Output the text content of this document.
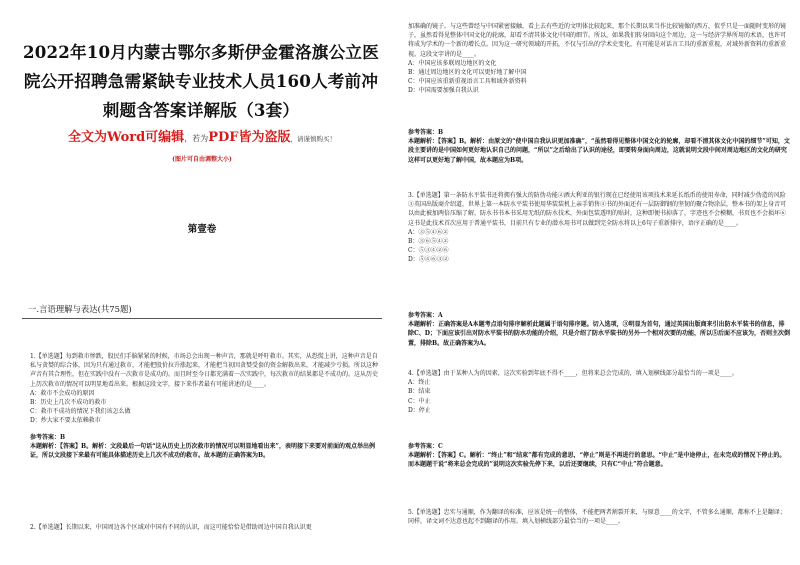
2022年10月内蒙古鄂尔多斯伊金霍洛旗公立医院公开招聘急需紧缺专业技术人员160人考前冲刺题含答案详解版（3套）
全文为Word可编辑，若为PDF皆为盗版，请谨慎购买！
(图片可自由调整大小)
第壹卷
一.言语理解与表达(共75题)

1.【单选题】每到救市惨跌，股民们手脑紧紧的时候，市场总会出现一种声音，那就是呼吁救市。其实，从恐慌上讲，这种声音是自私与贪婪的综合体，因为只有通过救市，才能把股价拉升涨起来，才能把当初因贪婪受套的资金解救出来，才能减少亏损。所以这种声音有其合理性，但在实践中没有一次救市是成功的。而且时至今日都充满着一次实践中，每次救市的结果都是不成功的。这从历史上历次救市的情况可以明显地看出来。根据这段文字，接下来作者最有可能讲述的是____。

A：救市不会成功的原因

B：历史上几次不成功的救市

C：救市不成功的情况下我们该怎么做

D：炒大家不要太依赖救市

参考答案：B

本题解析：【答案】B。解析：文段最后一句话“这从历史上历次救市的情况可以明显地看出来”，表明接下来要对前面的观点举出例证，所以文段接下来最有可能具体描述历史上几次不成功的救市。故本题的正确答案为B。

2.【单选题】长期以来，中国周边各个区域对中国有不同的认识，而这可能恰恰是借助周边中国自我认识更

加准确的镜子。与这些曾经与中国紧密接触，看上去有些近的文明体比较起来，那个长期以来当作比较镜像的西方，似乎只是一面随时变形的镜子，虽然看得见整体中国文化的轮廓，却看不清其体文化中国的细节。所以，如果我们转身回向这个周边，这一与经济学界所用的术语，也许可将成为学术的一个新的增长点。因为这一研究领域的开拓，不仅与引出的学术史变化，有可能是对话言工具的重新重视，对域外新资料的重新重视。这段文字讲的是____。

A：中国应该多联周边地区的文化

B：通过周边地区的文化可以更好地了解中国

C：中国应该重新重视语言工具和域外新资料

D：中国需要加强自我认识

参考答案：B

本题解析：【答案】B。解析：由原文的“使中国自我认识更加准确”，“虽然看得见整体中国文化的轮廓，却看不清其体文化中国的细节”可知，文段主要讲的是中国如何更好地认识自己的问题，“所以”之后给出了认识的途径，即要转身面向周边，这就说明文段中间对周边地区的文化的研究这样可以更好地了解中国，故本题应为B项。

3.【单选题】第一条防水平装书还将拥有强大的防伪功能②洒大利亚的银行现在已经使用该项技术来延长纸币的使用寿命，同时减少伪造的风险③英国出版商介绍道，世界上第一本防水平装书使用华装装机上亲手销售④书的外面还有一层防御钢的坚韧的聚合物涂层，整本书的架上身音可以由此被加两倍压缩了解，防水书书本书采用无纸的防水技术，外面包装透明的贴封，这种即便书掉落了，字迹也不会模糊，书页也不会损坏⑥这书是此技术首次应用于普通平装书，目前只有专业的潜水用书可以做到完全防水将以上6句子重新排序，语序正确的是____。

A：③⑤④⑥②

B：③⑥⑤④②

C：⑤③④②⑥

D：⑤④⑥③②

参考答案：A

本题解析：正确答案是A本题考点语句排序解析此题属于语句排序题。切入选项，③明显为首句，通过英国出版商来引出防水平装书的信息，排除C、D；下面应该引出对防水平装书的防水功能的介绍，只是介绍了防水平装书的另外一个相对次要的功能，所以⑤后面不应该为，否则主次倒置，排除B。故正确答案为A。

4.【单选题】由于某种人为的因素，这次实验到年底不得不____，但将来总会完成的，填入划横线部分最恰当的一项是____。

A：终止

B：结束

C：中止

D：停止

参考答案：C

本题解析：【答案】C。解析：“终止”和“结束”都有完成的意思，“停止”则是不再进行的意思。“中止”是中途停止，在未完成的情况下停止的。而本题题干说“将来总会完成的”说明这次实验先停下来，以后还要继续，只有C“中止”符合题意。

5.【单选题】忠实与通顺，作为翻译的标准，应该是统一的整体，不能把两者割裂开来，与原意____的文字，不管多么通顺，都称不上是翻译；同样，译文词不达意也起不到翻译的作用。填入划横线部分最恰当的一项是____。
